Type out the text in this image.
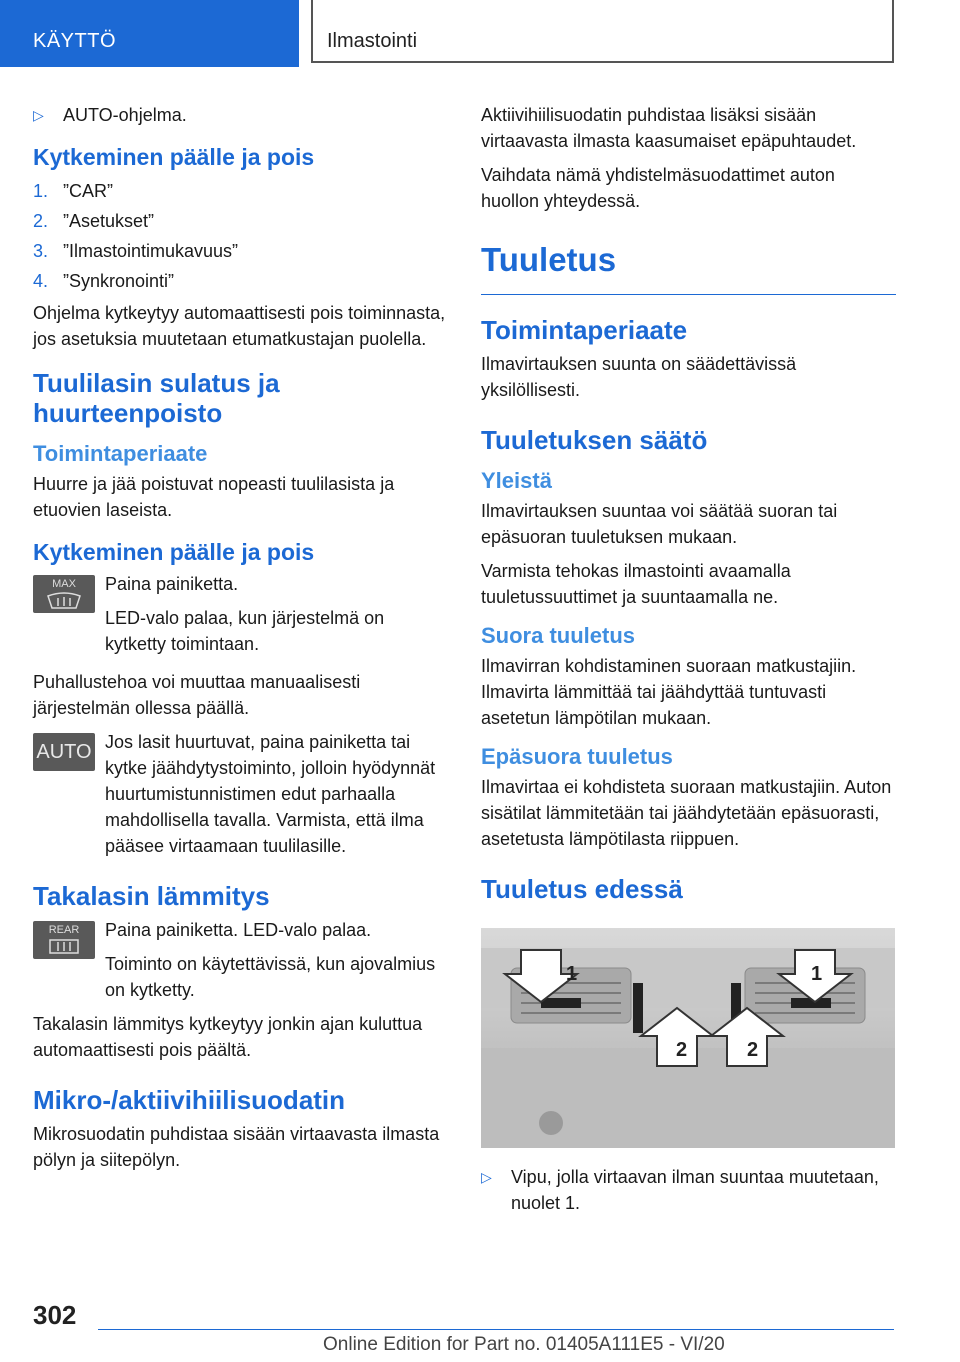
KÄYTTÖ	Ilmastointi
▷ AUTO-ohjelma.
Kytkeminen päälle ja pois
1. ”CAR”
2. ”Asetukset”
3. ”Ilmastointimukavuus”
4. ”Synkronointi”

Ohjelma kytkeytyy automaattisesti pois toiminnasta, jos asetuksia muutetaan etumatkustajan puolella.

Tuulilasin sulatus ja huurteenpoisto
Toimintaperiaate

Huurre ja jää poistuvat nopeasti tuulilasista ja etuovien laseista.

Kytkeminen päälle ja pois
MAX	Paina painiketta.

LED-valo palaa, kun järjestelmä on kytketty toimintaan.

Puhallustehoa voi muuttaa manuaalisesti järjestelmän ollessa päällä.

AUTO Jos lasit huurtuvat, paina painiketta tai kytke jäähdytystoiminto, jolloin hyödynnät huurtumistunnistimen edut parhaalla mahdollisella tavalla. Varmista, että ilma pääsee virtaamaan tuulilasille.

Takalasin lämmitys
REAR	Paina painiketta. LED-valo palaa.

Toiminto on käytettävissä, kun ajovalmius on kytketty.

Takalasin lämmitys kytkeytyy jonkin ajan kuluttua automaattisesti pois päältä.

Mikro-/aktiivihiilisuodatin

Mikrosuodatin puhdistaa sisään virtaavasta ilmasta pölyn ja siitepölyn.

Aktiivihiilisuodatin puhdistaa lisäksi sisään virtaavasta ilmasta kaasumaiset epäpuhtaudet.

Vaihdata nämä yhdistelmäsuodattimet auton huollon yhteydessä.

Tuuletus
Toimintaperiaate

Ilmavirtauksen suunta on säädettävissä yksilöllisesti.

Tuuletuksen säätö
Yleistä

Ilmavirtauksen suuntaa voi säätää suoran tai epäsuoran tuuletuksen mukaan.

Varmista tehokas ilmastointi avaamalla tuuletussuuttimet ja suuntaamalla ne.

Suora tuuletus

Ilmavirran kohdistaminen suoraan matkustajiin. Ilmavirta lämmittää tai jäähdyttää tuntuvasti asetetun lämpötilan mukaan.

Epäsuora tuuletus

Ilmavirtaa ei kohdisteta suoraan matkustajiin. Auton sisätilat lämmitetään tai jäähdytetään epäsuorasti, asetetusta lämpötilasta riippuen.

Tuuletus edessä
1
2	2
1
▷ Vipu, jolla virtaavan ilman suuntaa muutetaan, nuolet 1.
302
Online Edition for Part no. 01405A111E5 - VI/20
